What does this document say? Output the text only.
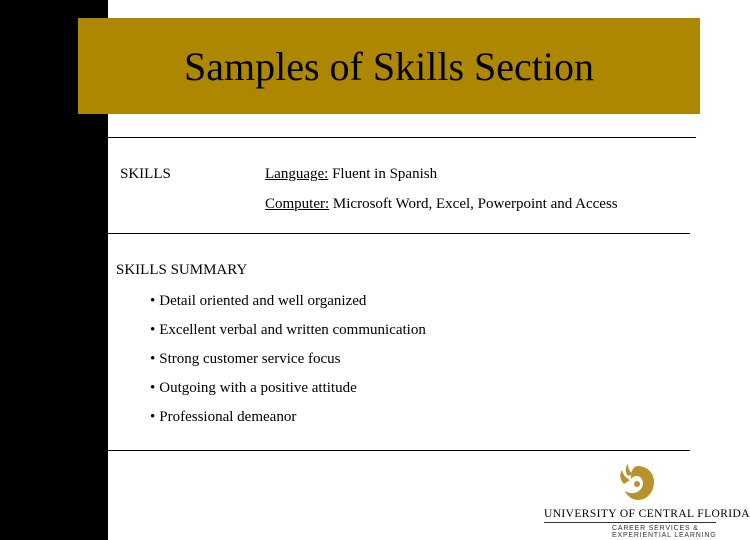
Samples of Skills Section
SKILLS	Language: Fluent in Spanish
Computer: Microsoft Word, Excel, Powerpoint and Access
SKILLS SUMMARY
• Detail oriented and well organized
• Excellent verbal and written communication
• Strong customer service focus
• Outgoing with a positive attitude
• Professional demeanor
UNIVERSITY OF CENTRAL FLORIDA
CAREER SERVICES &
EXPERIENTIAL LEARNING
